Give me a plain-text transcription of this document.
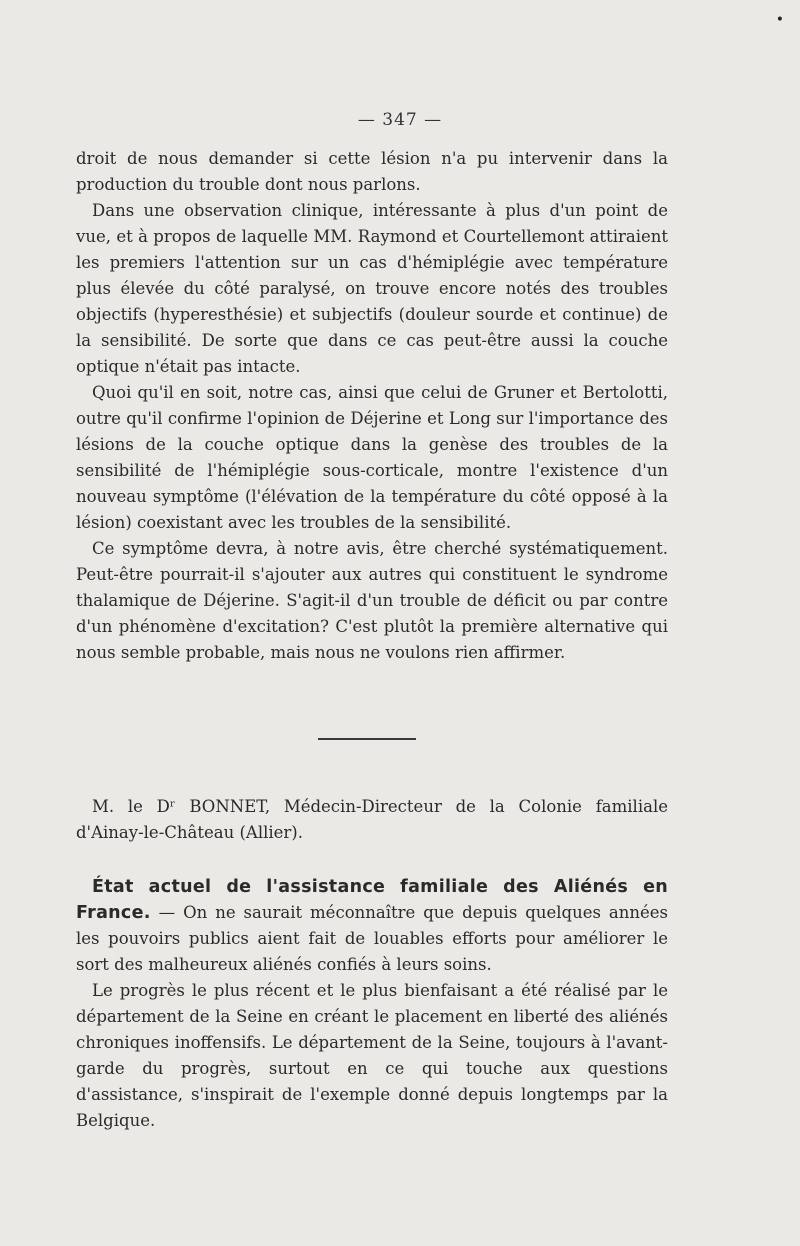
•
— 347 —

droit de nous demander si cette lésion n'a pu intervenir dans la production du trouble dont nous parlons.

Dans une observation clinique, intéressante à plus d'un point de vue, et à propos de laquelle MM. Raymond et Courtellemont attiraient les premiers l'attention sur un cas d'hémiplégie avec température plus élevée du côté paralysé, on trouve encore notés des troubles objectifs (hyperesthésie) et subjectifs (douleur sourde et continue) de la sensibilité. De sorte que dans ce cas peut-être aussi la couche optique n'était pas intacte.

Quoi qu'il en soit, notre cas, ainsi que celui de Gruner et Bertolotti, outre qu'il confirme l'opinion de Déjerine et Long sur l'importance des lésions de la couche optique dans la genèse des troubles de la sensibilité de l'hémiplégie sous-corticale, montre l'existence d'un nouveau symptôme (l'élévation de la température du côté opposé à la lésion) coexistant avec les troubles de la sensibilité.

Ce symptôme devra, à notre avis, être cherché systématiquement. Peut-être pourrait-il s'ajouter aux autres qui constituent le syndrome thalamique de Déjerine. S'agit-il d'un trouble de déficit ou par contre d'un phénomène d'excitation? C'est plutôt la première alternative qui nous semble probable, mais nous ne voulons rien affirmer.

M. le Dʳ BONNET, Médecin-Directeur de la Colonie familiale d'Ainay-le-Château (Allier).

État actuel de l'assistance familiale des Aliénés en France. — On ne saurait méconnaître que depuis quelques années les pouvoirs publics aient fait de louables efforts pour améliorer le sort des malheureux aliénés confiés à leurs soins.

Le progrès le plus récent et le plus bienfaisant a été réalisé par le département de la Seine en créant le placement en liberté des aliénés chroniques inoffensifs. Le département de la Seine, toujours à l'avant-garde du progrès, surtout en ce qui touche aux questions d'assistance, s'inspirait de l'exemple donné depuis longtemps par la Belgique.
